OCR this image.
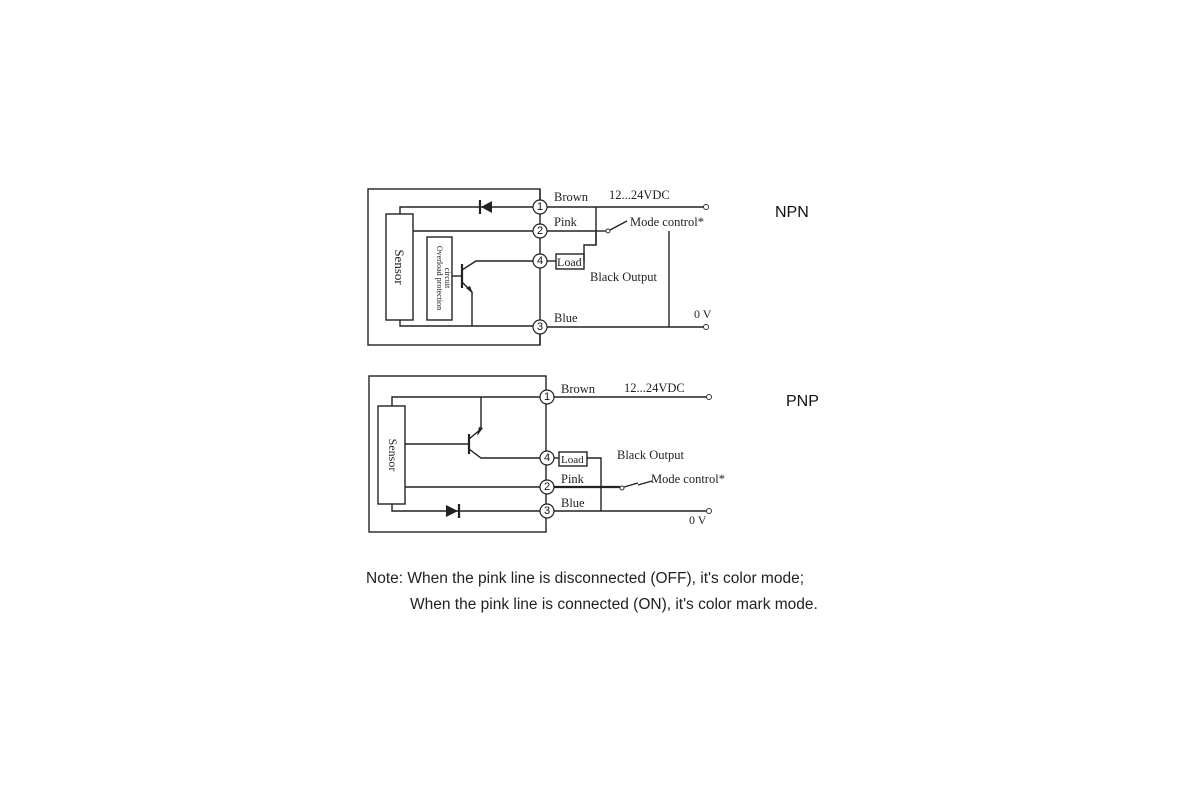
Sensor	Overload protection circuit
1
2
4
3
Brown 12...24VDC
Pink	Mode control*
Load
Black Output
Blue	0 V
NPN
Sensor
1
4
2
3
Brown 12...24VDC
Load	Black Output
Pink	Mode control*
Blue
0 V
PNP
Note: When the pink line is disconnected (OFF), it's color mode;
When the pink line is connected (ON), it's color mark mode.
